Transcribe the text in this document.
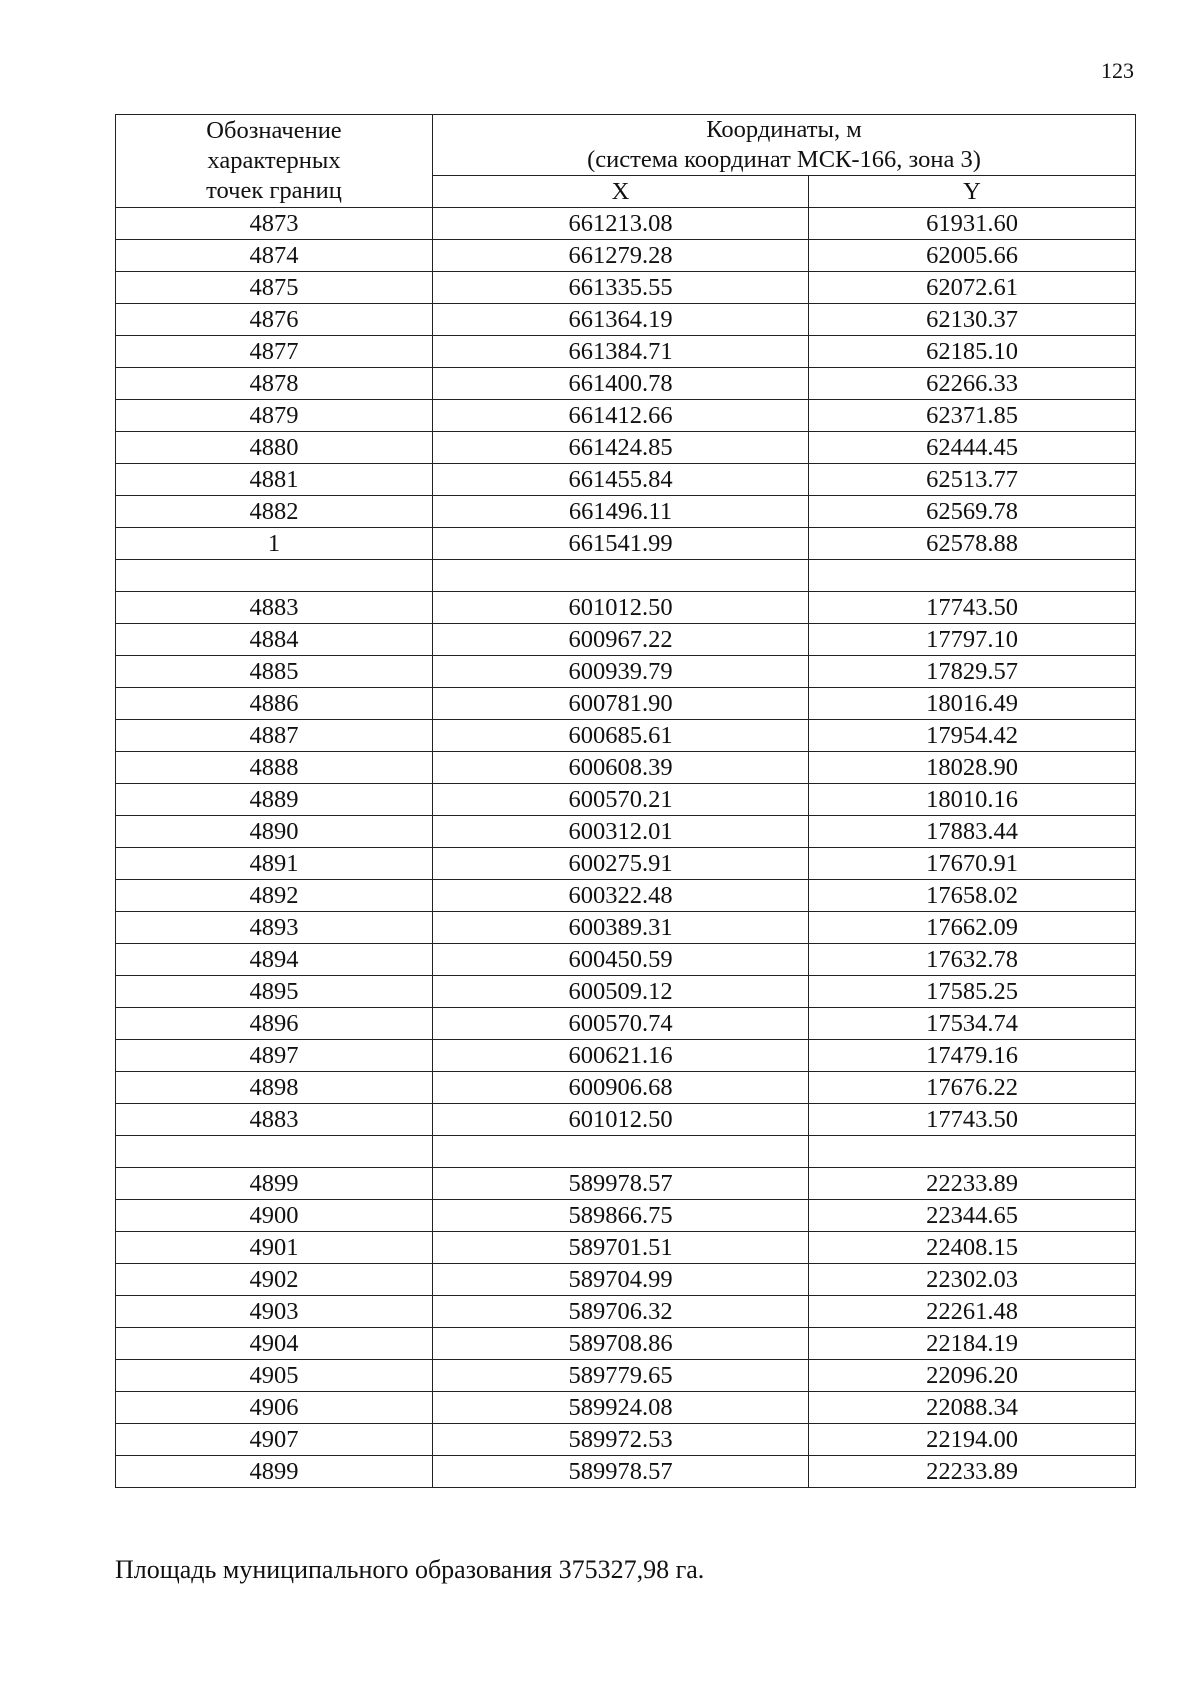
123
Обозначение
характерных
точек границ	Координаты, м
(система координат МСК-166, зона 3)	
	X	Y
4873	661213.08	61931.60
4874	661279.28	62005.66
4875	661335.55	62072.61
4876	661364.19	62130.37
4877	661384.71	62185.10
4878	661400.78	62266.33
4879	661412.66	62371.85
4880	661424.85	62444.45
4881	661455.84	62513.77
4882	661496.11	62569.78
1	661541.99	62578.88

4883	601012.50	17743.50
4884	600967.22	17797.10
4885	600939.79	17829.57
4886	600781.90	18016.49
4887	600685.61	17954.42
4888	600608.39	18028.90
4889	600570.21	18010.16
4890	600312.01	17883.44
4891	600275.91	17670.91
4892	600322.48	17658.02
4893	600389.31	17662.09
4894	600450.59	17632.78
4895	600509.12	17585.25
4896	600570.74	17534.74
4897	600621.16	17479.16
4898	600906.68	17676.22
4883	601012.50	17743.50

4899	589978.57	22233.89
4900	589866.75	22344.65
4901	589701.51	22408.15
4902	589704.99	22302.03
4903	589706.32	22261.48
4904	589708.86	22184.19
4905	589779.65	22096.20
4906	589924.08	22088.34
4907	589972.53	22194.00
4899	589978.57	22233.89
Площадь муниципального образования 375327,98 га.
